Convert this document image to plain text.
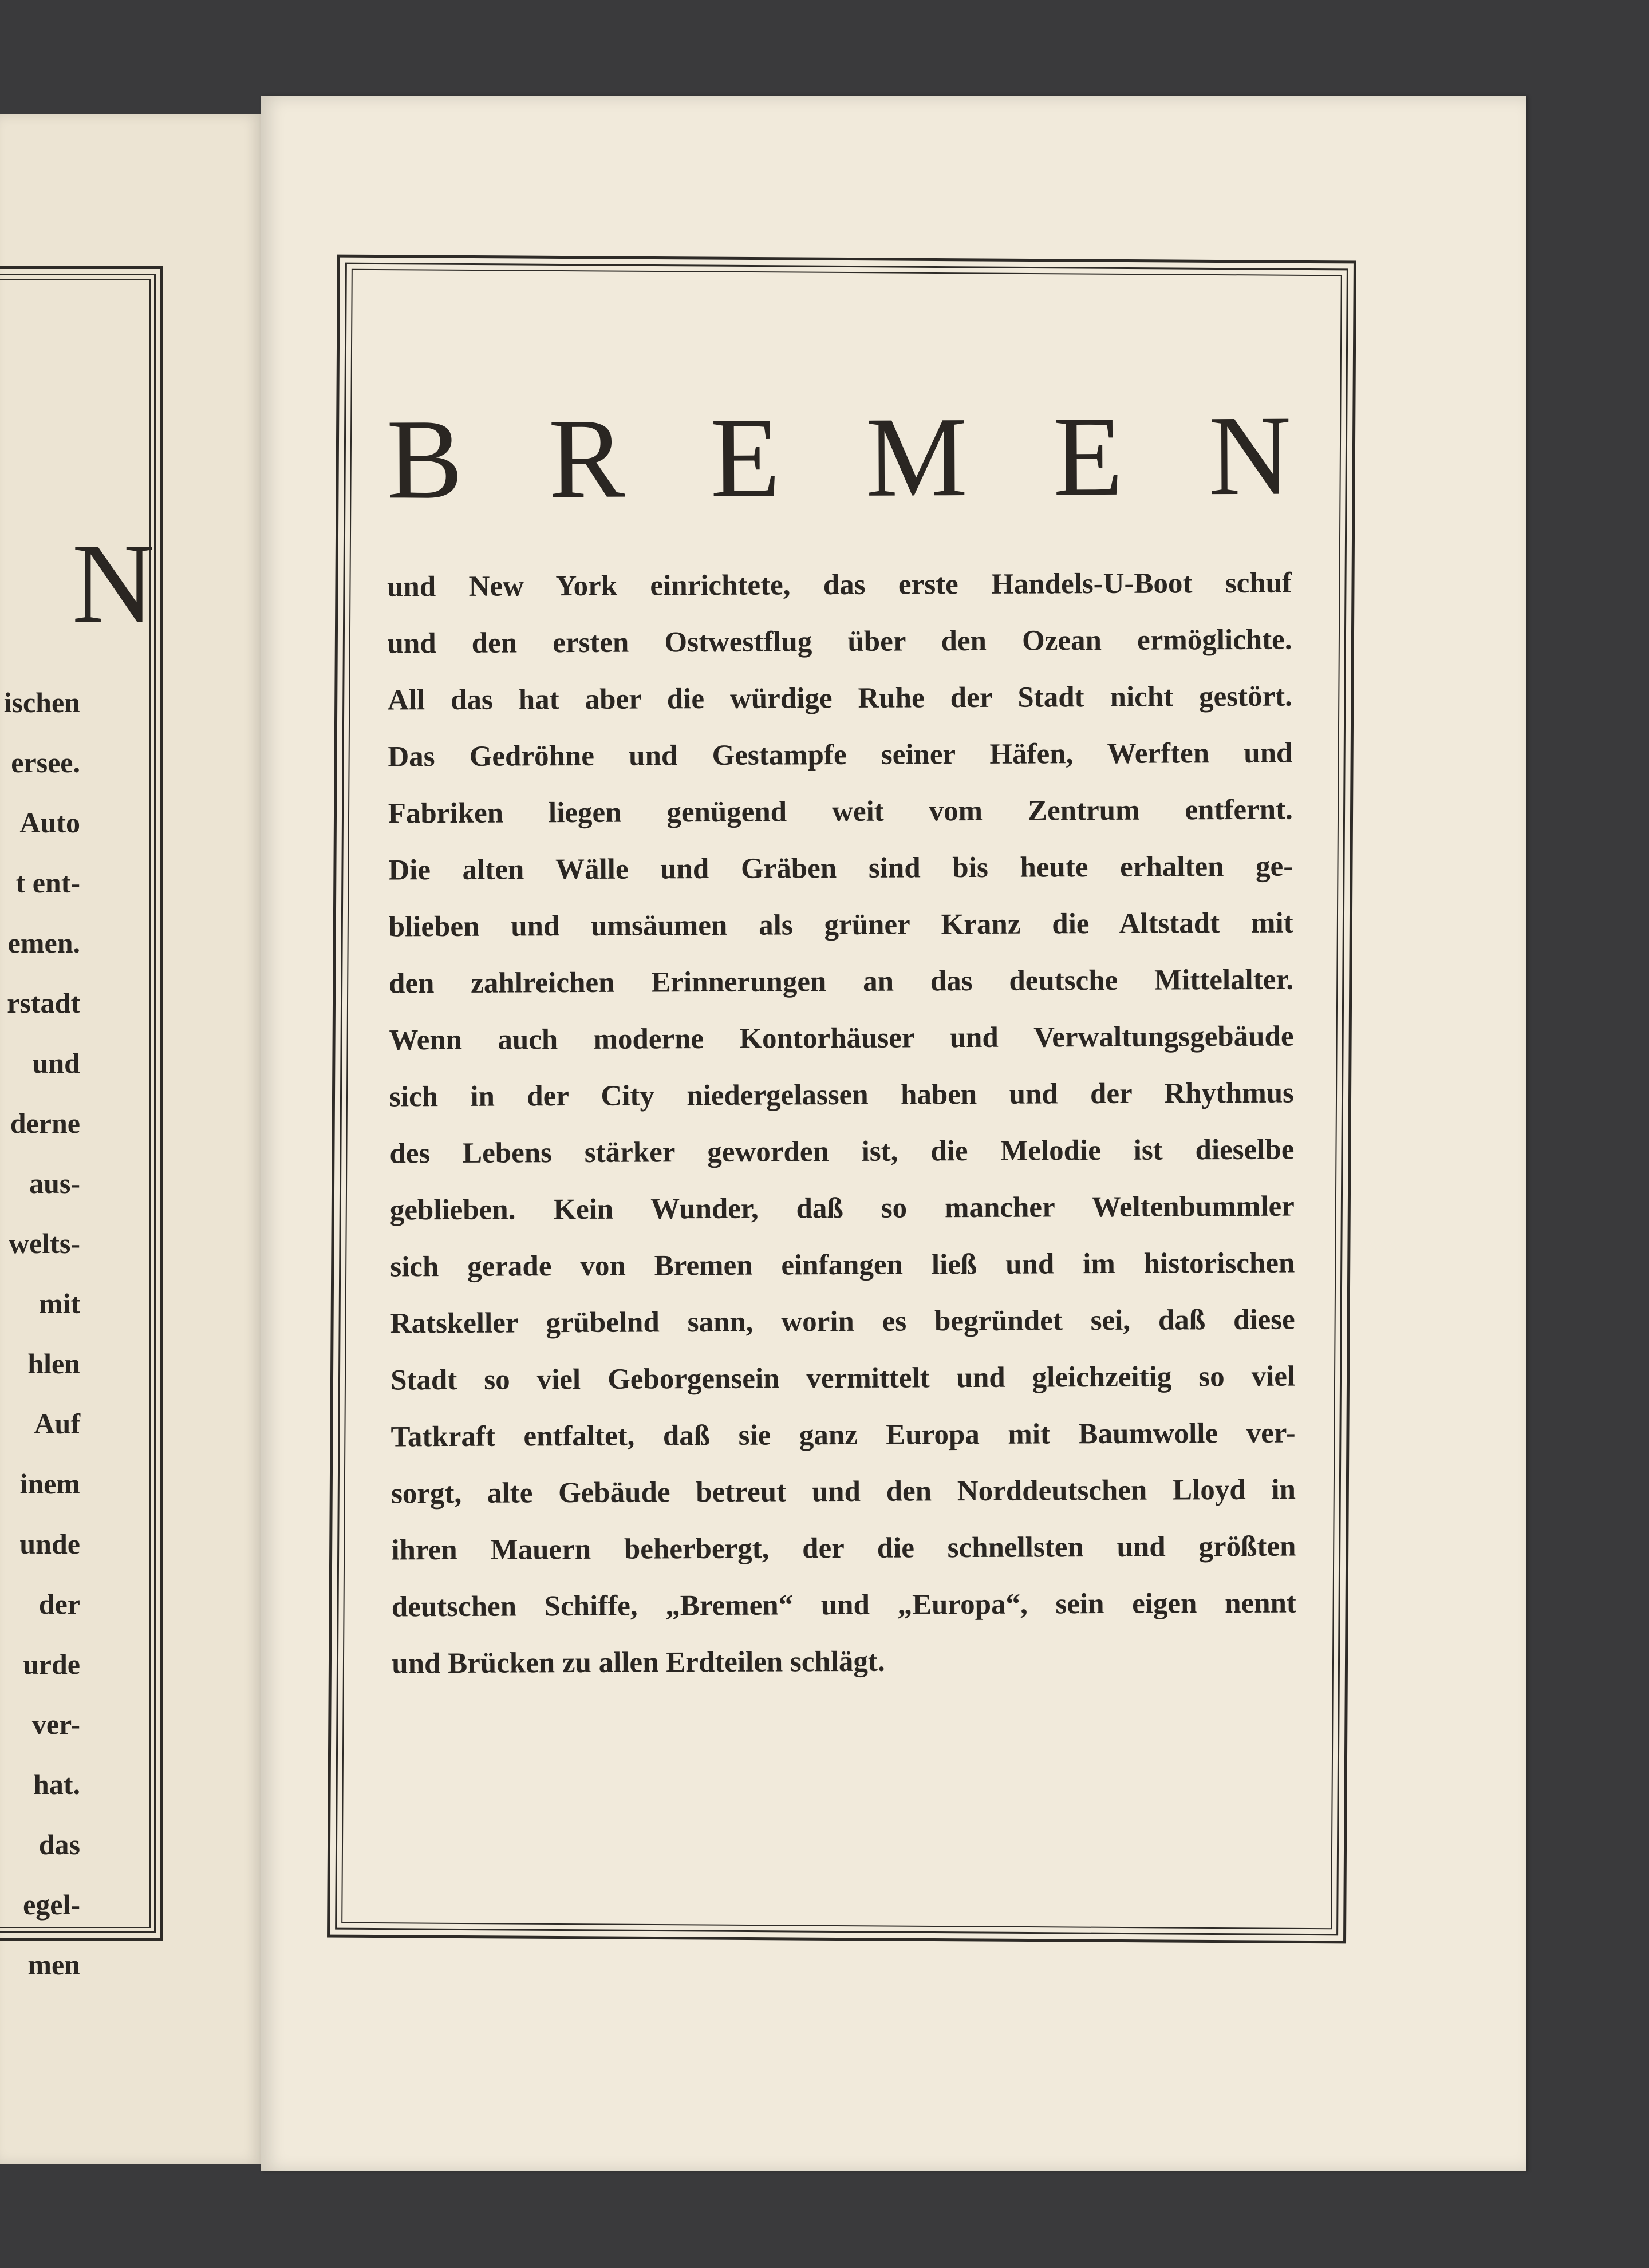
N
ischen
ersee.
Auto
t ent-
emen.
rstadt
und
derne
aus-
welts-
mit
hlen
Auf
inem
unde
der
urde
ver-
hat.
das
egel-
men
B R E M E N
und New York einrichtete, das erste Handels-U-Boot schuf
und den ersten Ostwestflug über den Ozean ermöglichte.
All das hat aber die würdige Ruhe der Stadt nicht gestört.
Das Gedröhne und Gestampfe seiner Häfen, Werften und
Fabriken liegen genügend weit vom Zentrum entfernt.
Die alten Wälle und Gräben sind bis heute erhalten ge-
blieben und umsäumen als grüner Kranz die Altstadt mit
den zahlreichen Erinnerungen an das deutsche Mittelalter.
Wenn auch moderne Kontorhäuser und Verwaltungsgebäude
sich in der City niedergelassen haben und der Rhythmus
des Lebens stärker geworden ist, die Melodie ist dieselbe
geblieben. Kein Wunder, daß so mancher Weltenbummler
sich gerade von Bremen einfangen ließ und im historischen
Ratskeller grübelnd sann, worin es begründet sei, daß diese
Stadt so viel Geborgensein vermittelt und gleichzeitig so viel
Tatkraft entfaltet, daß sie ganz Europa mit Baumwolle ver-
sorgt, alte Gebäude betreut und den Norddeutschen Lloyd in
ihren Mauern beherbergt, der die schnellsten und größten
deutschen Schiffe, „Bremen“ und „Europa“, sein eigen nennt
und Brücken zu allen Erdteilen schlägt.
